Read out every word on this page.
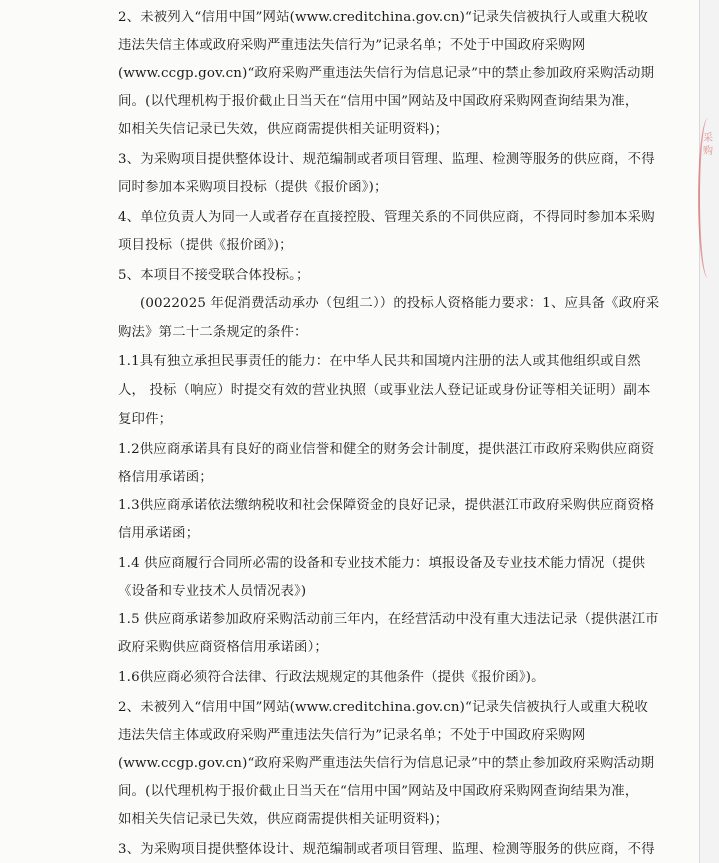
2、未被列入“信用中国”网站(www.creditchina.gov.cn)“记录失信被执行人或重大税收
违法失信主体或政府采购严重违法失信行为”记录名单；不处于中国政府采购网
(www.ccgp.gov.cn)“政府采购严重违法失信行为信息记录”中的禁止参加政府采购活动期
间。(以代理机构于报价截止日当天在“信用中国”网站及中国政府采购网查询结果为准，
如相关失信记录已失效，供应商需提供相关证明资料)；
3、为采购项目提供整体设计、规范编制或者项目管理、监理、检测等服务的供应商，不得
同时参加本采购项目投标（提供《报价函》)；
4、单位负责人为同一人或者存在直接控股、管理关系的不同供应商，不得同时参加本采购
项目投标（提供《报价函》)；
5、本项目不接受联合体投标。；
(0022025 年促消费活动承办（包组二））的投标人资格能力要求：1、应具备《政府采
购法》第二十二条规定的条件：
1.1具有独立承担民事责任的能力：在中华人民共和国境内注册的法人或其他组织或自然
人， 投标（响应）时提交有效的营业执照（或事业法人登记证或身份证等相关证明）副本
复印件；
1.2供应商承诺具有良好的商业信誉和健全的财务会计制度，提供湛江市政府采购供应商资
格信用承诺函；
1.3供应商承诺依法缴纳税收和社会保障资金的良好记录，提供湛江市政府采购供应商资格
信用承诺函；
1.4 供应商履行合同所必需的设备和专业技术能力：填报设备及专业技术能力情况（提供
《设备和专业技术人员情况表》)
1.5 供应商承诺参加政府采购活动前三年内，在经营活动中没有重大违法记录（提供湛江市
政府采购供应商资格信用承诺函）；
1.6供应商必须符合法律、行政法规规定的其他条件（提供《报价函》)。
2、未被列入“信用中国”网站(www.creditchina.gov.cn)“记录失信被执行人或重大税收
违法失信主体或政府采购严重违法失信行为”记录名单；不处于中国政府采购网
(www.ccgp.gov.cn)“政府采购严重违法失信行为信息记录”中的禁止参加政府采购活动期
间。(以代理机构于报价截止日当天在“信用中国”网站及中国政府采购网查询结果为准，
如相关失信记录已失效，供应商需提供相关证明资料)；
3、为采购项目提供整体设计、规范编制或者项目管理、监理、检测等服务的供应商，不得
采购
